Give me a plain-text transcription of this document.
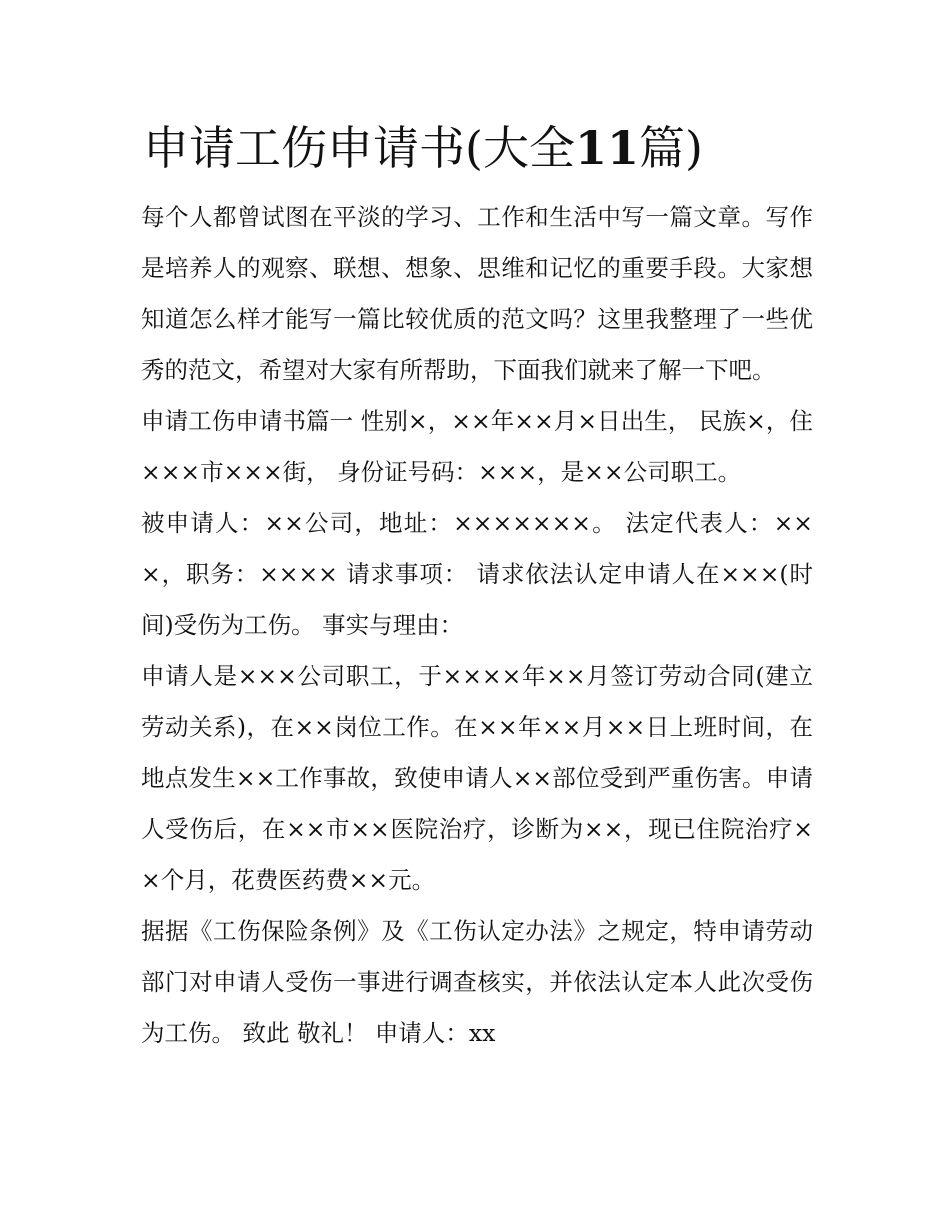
申请工伤申请书(大全11篇)

每个人都曾试图在平淡的学习、工作和生活中写一篇文章。写作是培养人的观察、联想、想象、思维和记忆的重要手段。大家想知道怎么样才能写一篇比较优质的范文吗？这里我整理了一些优秀的范文，希望对大家有所帮助，下面我们就来了解一下吧。

申请工伤申请书篇一 性别×，××年××月×日出生， 民族×，住×××市×××街， 身份证号码：×××，是××公司职工。

被申请人：××公司，地址：×××××××。 法定代表人：×××，职务：×××× 请求事项： 请求依法认定申请人在×××(时间)受伤为工伤。 事实与理由：

申请人是×××公司职工，于××××年××月签订劳动合同(建立劳动关系)，在××岗位工作。在××年××月××日上班时间，在地点发生××工作事故，致使申请人××部位受到严重伤害。申请人受伤后，在××市××医院治疗，诊断为××，现已住院治疗××个月，花费医药费××元。

据据《工伤保险条例》及《工伤认定办法》之规定，特申请劳动部门对申请人受伤一事进行调查核实，并依法认定本人此次受伤为工伤。 致此 敬礼！ 申请人：xx
